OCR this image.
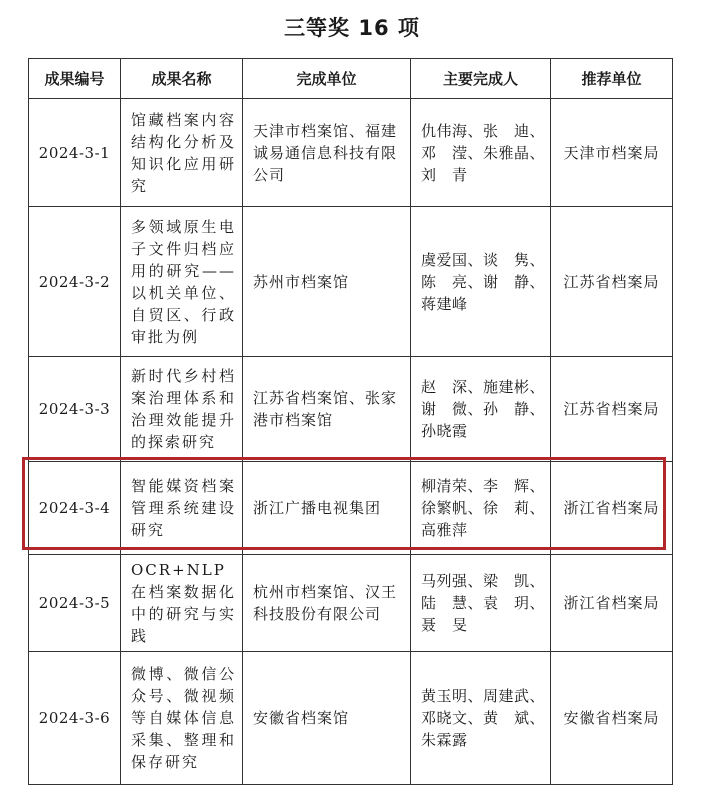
三等奖 16 项
成果编号	成果名称	完成单位	主要完成人	推荐单位
2024-3-1	馆藏档案内容结构化分析及知识化应用研究	天津市档案馆、福建诚易通信息科技有限公司	仇伟海、张　迪、
邓　滢、朱雅晶、
刘　青	天津市档案局
2024-3-2	多领域原生电子文件归档应用的研究——以机关单位、自贸区、行政审批为例	苏州市档案馆	虞爱国、谈　隽、
陈　亮、谢　静、
蒋建峰	江苏省档案局
2024-3-3	新时代乡村档案治理体系和治理效能提升的探索研究	江苏省档案馆、张家港市档案馆	赵　深、施建彬、
谢　微、孙　静、
孙晓霞	江苏省档案局
2024-3-4	智能媒资档案管理系统建设研究	浙江广播电视集团	柳清荣、李　辉、
徐繁帆、徐　莉、
高雅萍	浙江省档案局
2024-3-5	OCR+NLP在档案数据化中的研究与实践	杭州市档案馆、汉王科技股份有限公司	马列强、梁　凯、
陆　慧、袁　玥、
聂　旻	浙江省档案局
2024-3-6	微博、微信公众号、微视频等自媒体信息采集、整理和保存研究	安徽省档案馆	黄玉明、周建武、
邓晓文、黄　斌、
朱霖露	安徽省档案局
